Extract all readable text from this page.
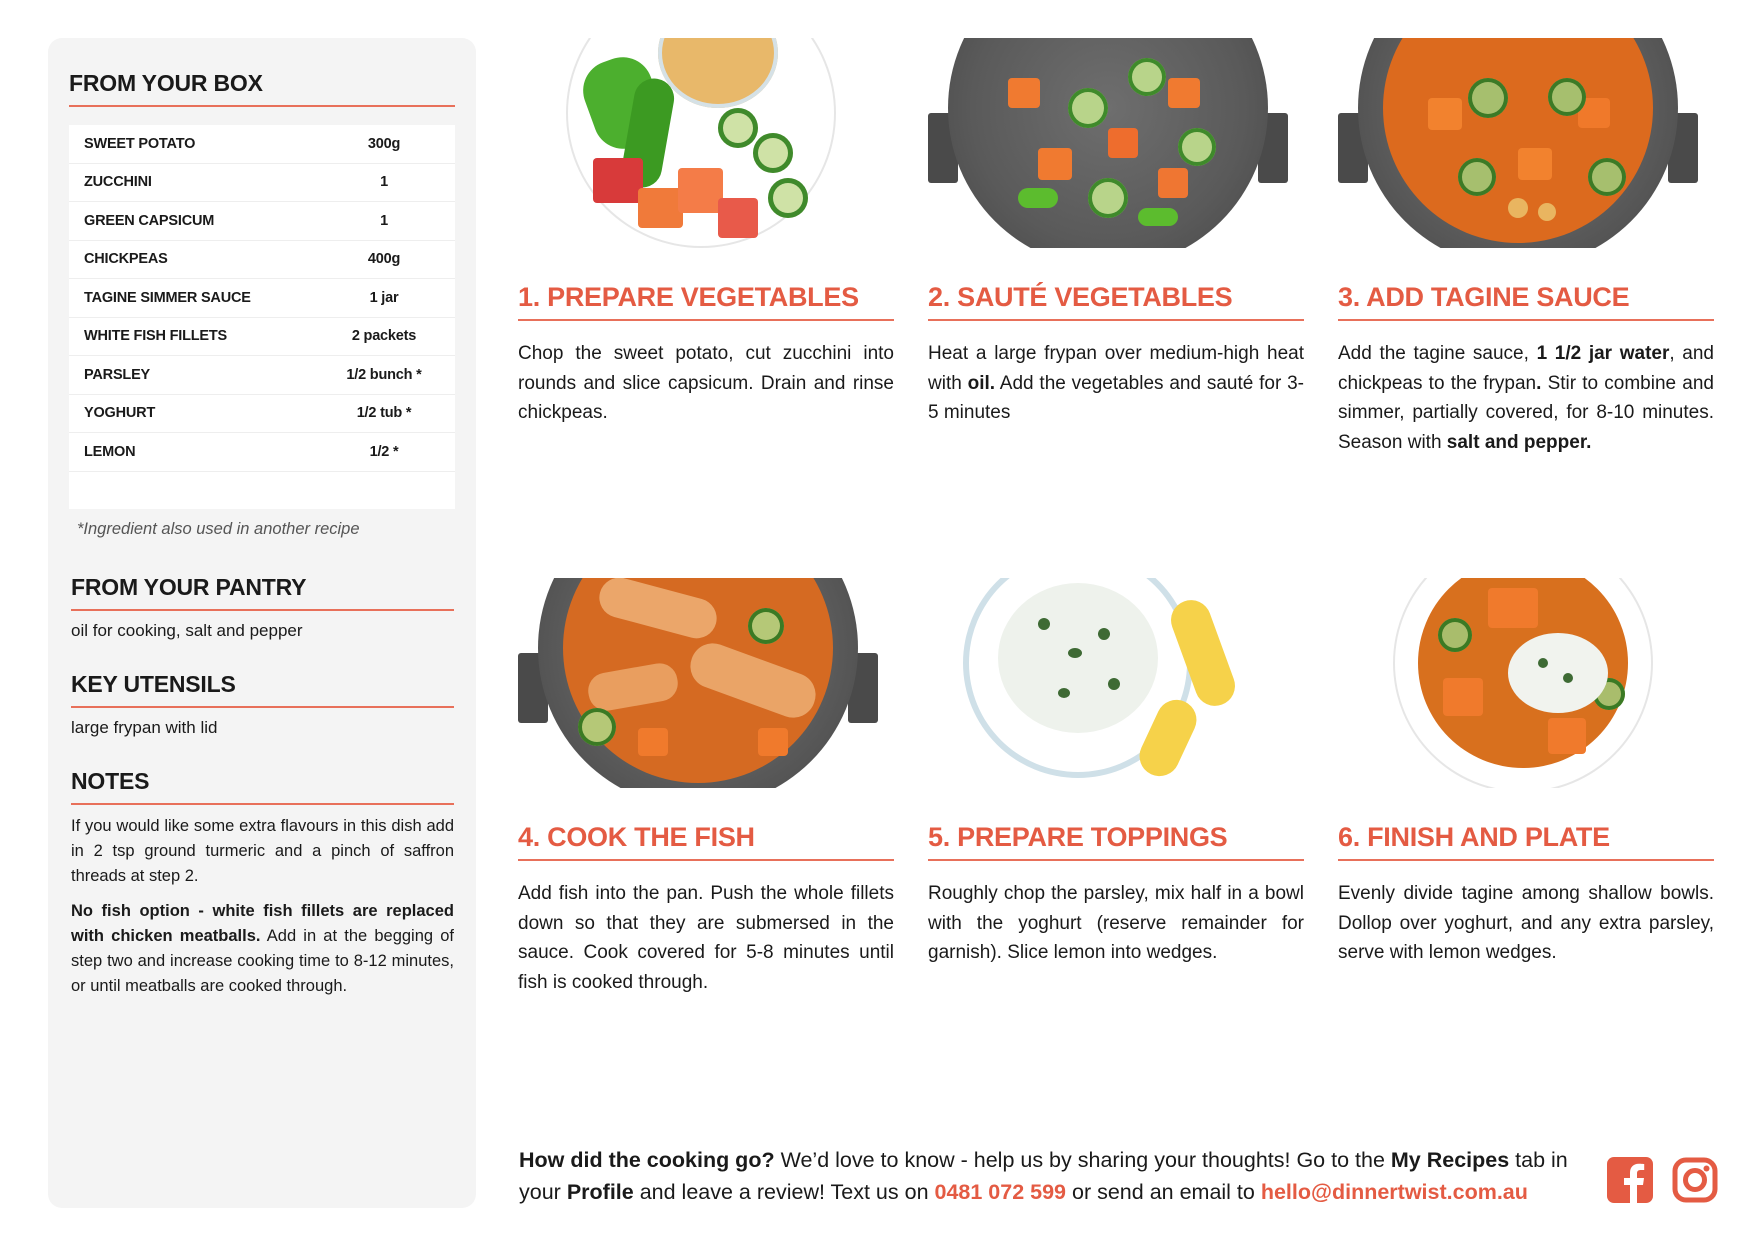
FROM YOUR BOX
SWEET POTATO	300g
ZUCCHINI	1
GREEN CAPSICUM	1
CHICKPEAS	400g
TAGINE SIMMER SAUCE	1 jar
WHITE FISH FILLETS	2 packets
PARSLEY	1/2 bunch *
YOGHURT	1/2 tub *
LEMON	1/2 *
*Ingredient also used in another recipe
FROM YOUR PANTRY
oil for cooking, salt and pepper
KEY UTENSILS
large frypan with lid
NOTES

If you would like some extra flavours in this dish add in 2 tsp ground turmeric and a pinch of saffron threads at step 2.

No fish option - white fish fillets are replaced with chicken meatballs. Add in at the begging of step two and increase cooking time to 8-12 minutes, or until meatballs are cooked through.

1. PREPARE VEGETABLES
Chop the sweet potato, cut zucchini into rounds and slice capsicum. Drain and rinse chickpeas.
2. SAUTÉ VEGETABLES
Heat a large frypan over medium-high heat with oil. Add the vegetables and sauté for 3-5 minutes
3. ADD TAGINE SAUCE
Add the tagine sauce, 1 1/2 jar water, and chickpeas to the frypan. Stir to combine and simmer, partially covered, for 8-10 minutes. Season with salt and pepper.
4. COOK THE FISH
Add fish into the pan. Push the whole fillets down so that they are submersed in the sauce. Cook covered for 5-8 minutes until fish is cooked through.
5. PREPARE TOPPINGS
Roughly chop the parsley, mix half in a bowl with the yoghurt (reserve remainder for garnish). Slice lemon into wedges.
6. FINISH AND PLATE
Evenly divide tagine among shallow bowls. Dollop over yoghurt, and any extra parsley, serve with lemon wedges.
How did the cooking go? We’d love to know - help us by sharing your thoughts! Go to the My Recipes tab in your Profile and leave a review! Text us on 0481 072 599 or send an email to hello@dinnertwist.com.au
